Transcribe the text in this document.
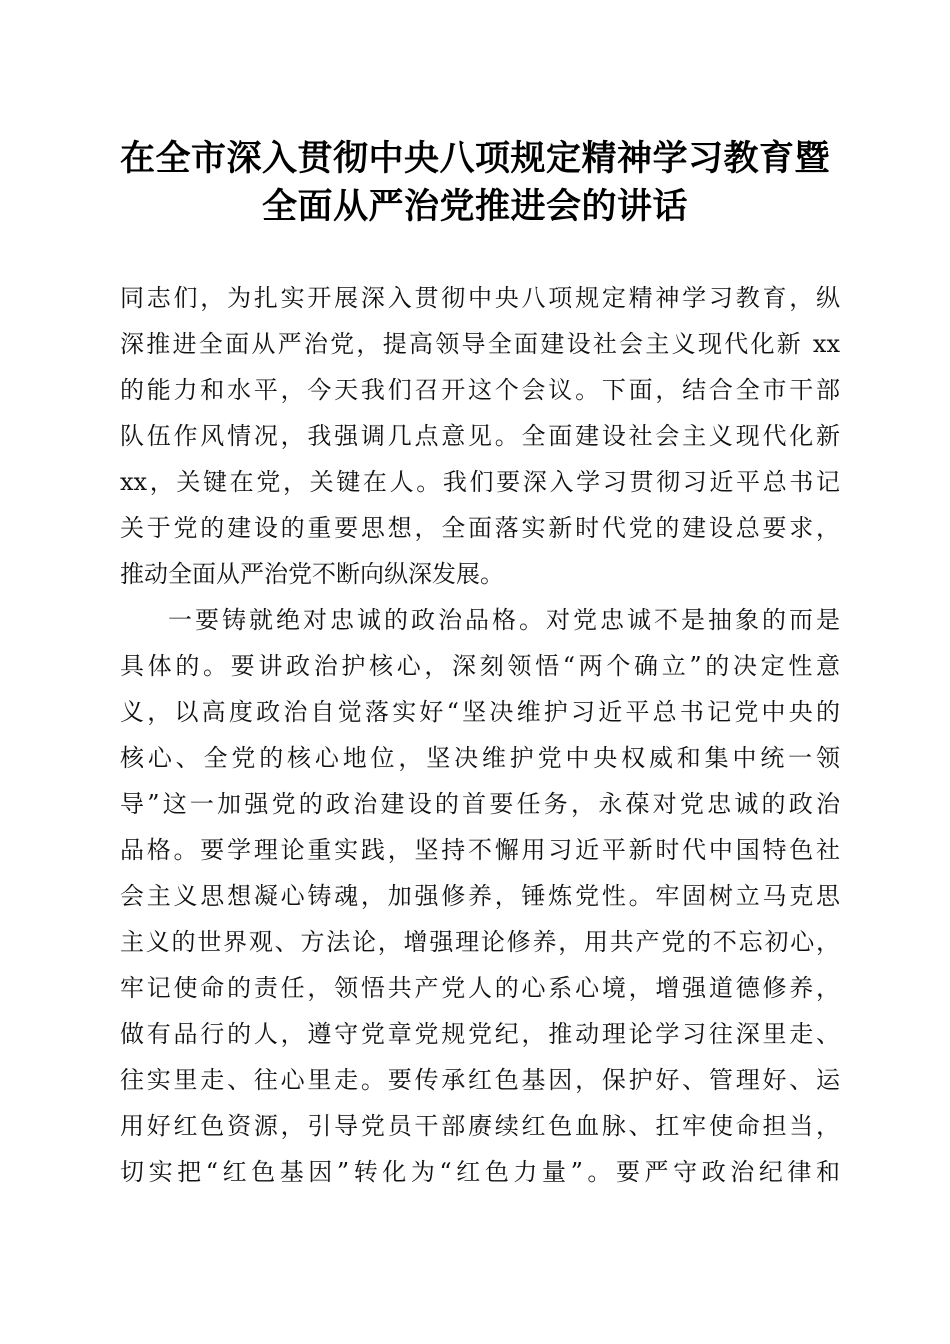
在全市深入贯彻中央八项规定精神学习教育暨
全面从严治党推进会的讲话
同志们，为扎实开展深入贯彻中央八项规定精神学习教育，纵
深推进全面从严治党，提高领导全面建设社会主义现代化新 xx
的能力和水平，今天我们召开这个会议。下面，结合全市干部
队伍作风情况，我强调几点意见。全面建设社会主义现代化新
xx，关键在党，关键在人。我们要深入学习贯彻习近平总书记
关于党的建设的重要思想，全面落实新时代党的建设总要求，
推动全面从严治党不断向纵深发展。
一要铸就绝对忠诚的政治品格。对党忠诚不是抽象的而是
具体的。要讲政治护核心，深刻领悟“两个确立”的决定性意
义，以高度政治自觉落实好“坚决维护习近平总书记党中央的
核心、全党的核心地位，坚决维护党中央权威和集中统一领
导”这一加强党的政治建设的首要任务，永葆对党忠诚的政治
品格。要学理论重实践，坚持不懈用习近平新时代中国特色社
会主义思想凝心铸魂，加强修养，锤炼党性。牢固树立马克思
主义的世界观、方法论，增强理论修养，用共产党的不忘初心，
牢记使命的责任，领悟共产党人的心系心境，增强道德修养，
做有品行的人，遵守党章党规党纪，推动理论学习往深里走、
往实里走、往心里走。要传承红色基因，保护好、管理好、运
用好红色资源，引导党员干部赓续红色血脉、扛牢使命担当，
切实把“红色基因”转化为“红色力量”。要严守政治纪律和
